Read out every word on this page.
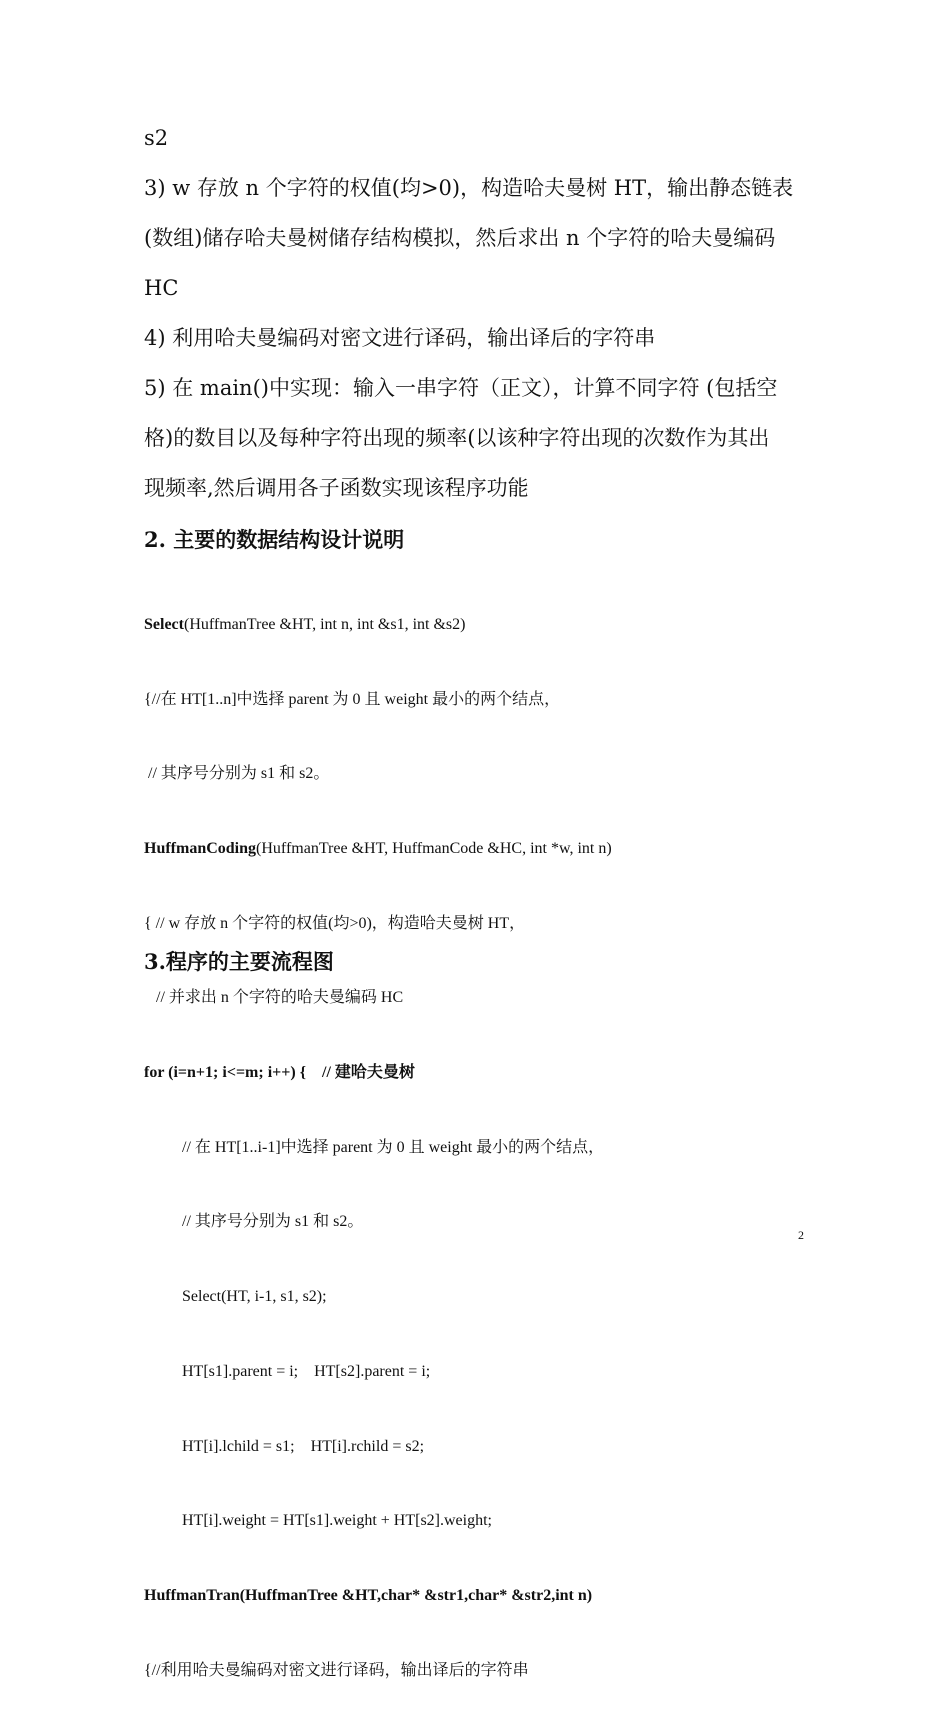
s2
3) w 存放 n 个字符的权值(均>0)，构造哈夫曼树 HT，输出静态链表
(数组)储存哈夫曼树储存结构模拟，然后求出 n 个字符的哈夫曼编码
HC
4) 利用哈夫曼编码对密文进行译码，输出译后的字符串
5) 在 main()中实现：输入一串字符（正文），计算不同字符 (包括空
格)的数目以及每种字符出现的频率(以该种字符出现的次数作为其出
现频率,然后调用各子函数实现该程序功能
2. 主要的数据结构设计说明

Select(HuffmanTree &HT, int n, int &s1, int &s2)

{//在 HT[1..n]中选择 parent 为 0 且 weight 最小的两个结点，

// 其序号分别为 s1 和 s2。

HuffmanCoding(HuffmanTree &HT, HuffmanCode &HC, int *w, int n)

{ // w 存放 n 个字符的权值(均>0)，构造哈夫曼树 HT，

// 并求出 n 个字符的哈夫曼编码 HC

for (i=n+1; i<=m; i++) {    // 建哈夫曼树

// 在 HT[1..i-1]中选择 parent 为 0 且 weight 最小的两个结点，

// 其序号分别为 s1 和 s2。

Select(HT, i-1, s1, s2);

HT[s1].parent = i;    HT[s2].parent = i;

HT[i].lchild = s1;    HT[i].rchild = s2;

HT[i].weight = HT[s1].weight + HT[s2].weight;

HuffmanTran(HuffmanTree &HT,char* &str1,char* &str2,int n)

{//利用哈夫曼编码对密文进行译码，输出译后的字符串

3.程序的主要流程图
2
